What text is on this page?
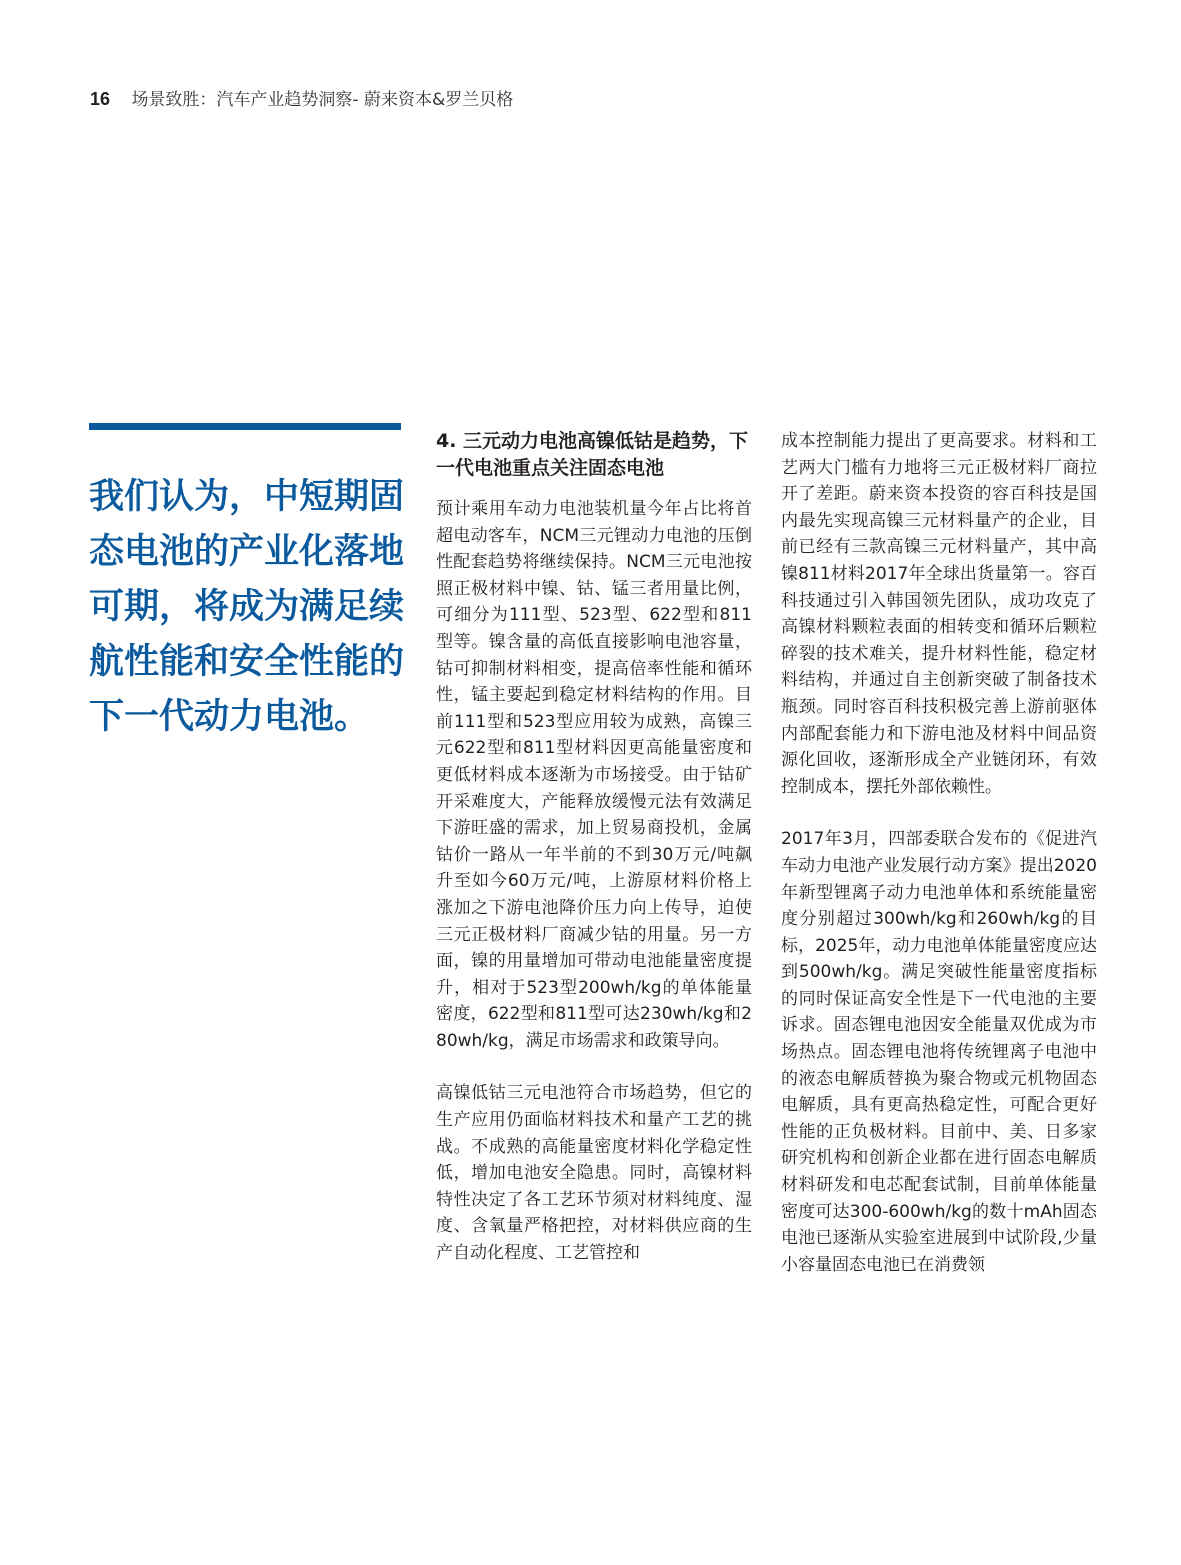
16 场景致胜：汽车产业趋势洞察- 蔚来资本&罗兰贝格

我们认为，中短期固态电池的产业化落地可期，将成为满足续航性能和安全性能的下一代动力电池。

4. 三元动力电池高镍低钴是趋势，下一代电池重点关注固态电池

预计乘用车动力电池装机量今年占比将首超电动客车，NCM三元锂动力电池的压倒性配套趋势将继续保持。NCM三元电池按照正极材料中镍、钴、锰三者用量比例，可细分为111型、523型、622型和811型等。镍含量的高低直接影响电池容量，钴可抑制材料相变，提高倍率性能和循环性，锰主要起到稳定材料结构的作用。目前111型和523型应用较为成熟，高镍三元622型和811型材料因更高能量密度和更低材料成本逐渐为市场接受。由于钴矿开采难度大，产能释放缓慢元法有效满足下游旺盛的需求，加上贸易商投机，金属钴价一路从一年半前的不到30万元/吨飙升至如今60万元/吨，上游原材料价格上涨加之下游电池降价压力向上传导，迫使三元正极材料厂商减少钴的用量。另一方面，镍的用量增加可带动电池能量密度提升，相对于523型200wh/kg的单体能量密度，622型和811型可达230wh/kg和280wh/kg，满足市场需求和政策导向。

高镍低钴三元电池符合市场趋势，但它的生产应用仍面临材料技术和量产工艺的挑战。不成熟的高能量密度材料化学稳定性低，增加电池安全隐患。同时，高镍材料特性决定了各工艺环节须对材料纯度、湿度、含氧量严格把控，对材料供应商的生产自动化程度、工艺管控和

成本控制能力提出了更高要求。材料和工艺两大门槛有力地将三元正极材料厂商拉开了差距。蔚来资本投资的容百科技是国内最先实现高镍三元材料量产的企业，目前已经有三款高镍三元材料量产，其中高镍811材料2017年全球出货量第一。容百科技通过引入韩国领先团队，成功攻克了高镍材料颗粒表面的相转变和循环后颗粒碎裂的技术难关，提升材料性能，稳定材料结构，并通过自主创新突破了制备技术瓶颈。同时容百科技积极完善上游前驱体内部配套能力和下游电池及材料中间品资源化回收，逐渐形成全产业链闭环，有效控制成本，摆托外部依赖性。

2017年3月，四部委联合发布的《促进汽车动力电池产业发展行动方案》提出2020年新型锂离子动力电池单体和系统能量密度分别超过300wh/kg和260wh/kg的目标，2025年，动力电池单体能量密度应达到500wh/kg。满足突破性能量密度指标的同时保证高安全性是下一代电池的主要诉求。固态锂电池因安全能量双优成为市场热点。固态锂电池将传统锂离子电池中的液态电解质替换为聚合物或元机物固态电解质，具有更高热稳定性，可配合更好性能的正负极材料。目前中、美、日多家研究机构和创新企业都在进行固态电解质材料研发和电芯配套试制，目前单体能量密度可达300-600wh/kg的数十mAh固态电池已逐渐从实验室进展到中试阶段,少量小容量固态电池已在消费领
